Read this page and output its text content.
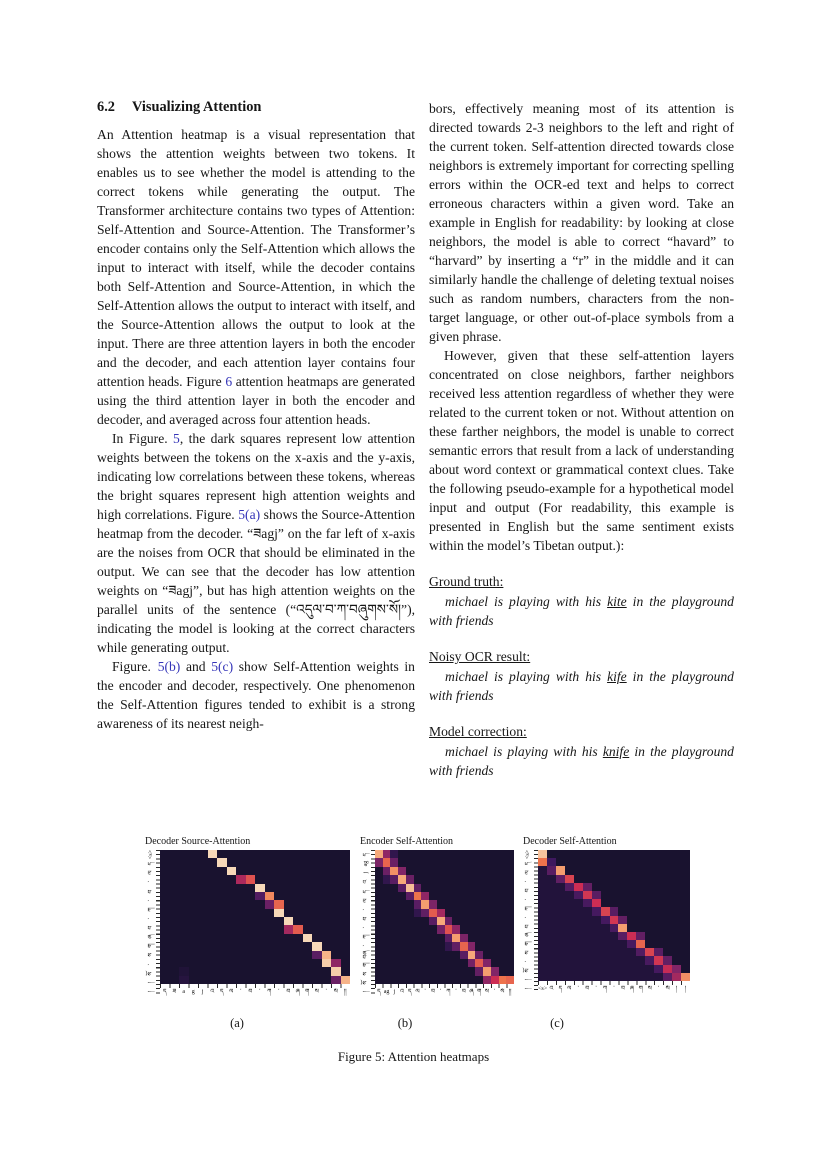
6.2 Visualizing Attention

An Attention heatmap is a visual representation that shows the attention weights between two tokens. It enables us to see whether the model is attending to the correct tokens while generating the output. The Transformer architecture contains two types of Attention: Self-Attention and Source-Attention. The Transformer’s encoder contains only the Self-Attention which allows the input to interact with itself, while the decoder contains both Self-Attention and Source-Attention, in which the Self-Attention allows the output to interact with itself, and the Source-Attention allows the output to look at the input. There are three attention layers in both the encoder and the decoder, and each attention layer contains four attention heads. Figure 6 attention heatmaps are generated using the third attention layer in both the encoder and decoder, and averaged across four attention heads.

In Figure. 5, the dark squares represent low attention weights between the tokens on the x-axis and the y-axis, indicating low correlations between these tokens, whereas the bright squares represent high attention weights and high correlations. Figure. 5(a) shows the Source-Attention heatmap from the decoder. “ཟagj” on the far left of x-axis are the noises from OCR that should be eliminated in the output. We can see that the decoder has low attention weights on “ཟagj”, but has high attention weights on the parallel units of the sentence (“འདུལ་བ་ཀ་བཞུགས་སོ།”), indicating the model is looking at the correct characters while generating output.

Figure. 5(b) and 5(c) show Self-Attention weights in the encoder and decoder, respectively. One phenomenon the Self-Attention figures tended to exhibit is a strong awareness of its nearest neigh-

bors, effectively meaning most of its attention is directed towards 2-3 neighbors to the left and right of the current token. Self-attention directed towards close neighbors is extremely important for correcting spelling errors within the OCR-ed text and helps to correct erroneous characters within a given word. Take an example in English for readability: by looking at close neighbors, the model is able to correct “havard” to “harvard” by inserting a “r” in the middle and it can similarly handle the challenge of deleting textual noises such as random numbers, characters from the non-target language, or other out-of-place symbols from a given phrase.

However, given that these self-attention layers concentrated on close neighbors, farther neighbors received less attention regardless of whether they were related to the current token or not. Without attention on these farther neighbors, the model is unable to correct semantic errors that result from a lack of understanding about word context or grammatical context clues. Take the following pseudo-example for a hypothetical model input and output (For readability, this example is presented in English but the same sentiment exists within the model’s Tibetan output.):

Ground truth:
michael is playing with his kite in the playground with friends
Noisy OCR result:
michael is playing with his kife in the playground with friends
Model correction:
michael is playing with his knife in the playground with friends
Decoder Source-Attention
<s>
ད
ལ
་
བ
་
ཀ
་
བ
ཞ
ག
ས
་
སོ
།
།	ད ཟ	a	g	j	འ ད ལ	་	བ	་	ཀ	་	བ ཞ ག ས	་	སོ	།།
Encoder Self-Attention
ད
ag
j
འ
ད
ལ
་
བ
་
ཀ
་
བཞ
ག
ས
སོ
།	ད ag j འ ད ལ ་ བ ་ ཀ ་ བ ཞ ག ས ་ སོ །།
Decoder Self-Attention
<s>
ད
ལ
་
བ
་
ཀ
་
བ
ཞ
ག
ས
་
སོ
།
། <s> འ ད ལ	་	བ	་	ཀ	་	བ ཞ ག ས	་	སོ	།	།
(a)	(b)	(c)
Figure 5: Attention heatmaps
